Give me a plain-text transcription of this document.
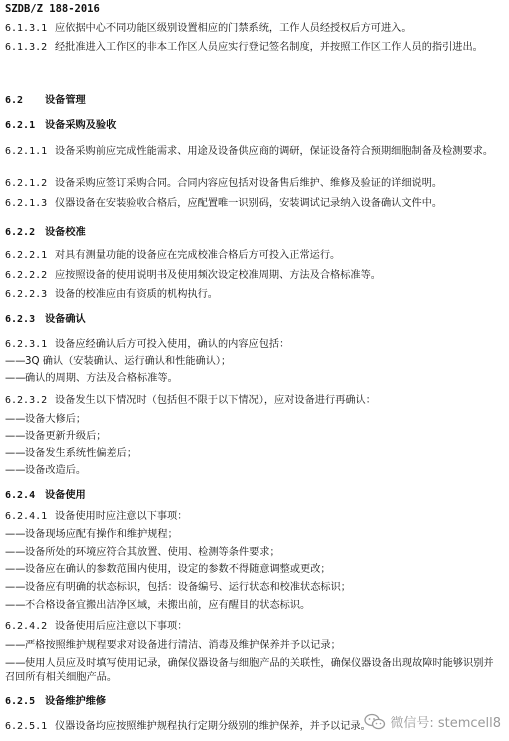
SZDB/Z 188-2016
6.1.3.1 应依据中心不同功能区级别设置相应的门禁系统，工作人员经授权后方可进入。
6.1.3.2 经批准进入工作区的非本工作区人员应实行登记签名制度，并按照工作区工作人员的指引进出。
6.2 设备管理
6.2.1 设备采购及验收
6.2.1.1 设备采购前应完成性能需求、用途及设备供应商的调研，保证设备符合预期细胞制备及检测要求。
6.2.1.2 设备采购应签订采购合同。合同内容应包括对设备售后维护、维修及验证的详细说明。
6.2.1.3 仪器设备在安装验收合格后，应配置唯一识别码，安装调试记录纳入设备确认文件中。
6.2.2 设备校准
6.2.2.1 对具有测量功能的设备应在完成校准合格后方可投入正常运行。
6.2.2.2 应按照设备的使用说明书及使用频次设定校准周期、方法及合格标准等。
6.2.2.3 设备的校准应由有资质的机构执行。
6.2.3 设备确认
6.2.3.1 设备应经确认后方可投入使用，确认的内容应包括：
——3Q 确认（安装确认、运行确认和性能确认）；
——确认的周期、方法及合格标准等。
6.2.3.2 设备发生以下情况时（包括但不限于以下情况），应对设备进行再确认：
——设备大修后；
——设备更新升级后；
——设备发生系统性偏差后；
——设备改造后。
6.2.4 设备使用
6.2.4.1 设备使用时应注意以下事项：
——设备现场应配有操作和维护规程；
——设备所处的环境应符合其放置、使用、检测等条件要求；
——设备应在确认的参数范围内使用，设定的参数不得随意调整或更改；
——设备应有明确的状态标识，包括：设备编号、运行状态和校准状态标识；
——不合格设备宜搬出洁净区域，未搬出前，应有醒目的状态标识。
6.2.4.2 设备使用后应注意以下事项：
——严格按照维护规程要求对设备进行清洁、消毒及维护保养并予以记录；
——使用人员应及时填写使用记录，确保仪器设备与细胞产品的关联性，确保仪器设备出现故障时能够识别并召回所有相关细胞产品。
6.2.5 设备维护维修
6.2.5.1 仪器设备均应按照维护规程执行定期分级别的维护保养，并予以记录。	微信号: stemcell8
